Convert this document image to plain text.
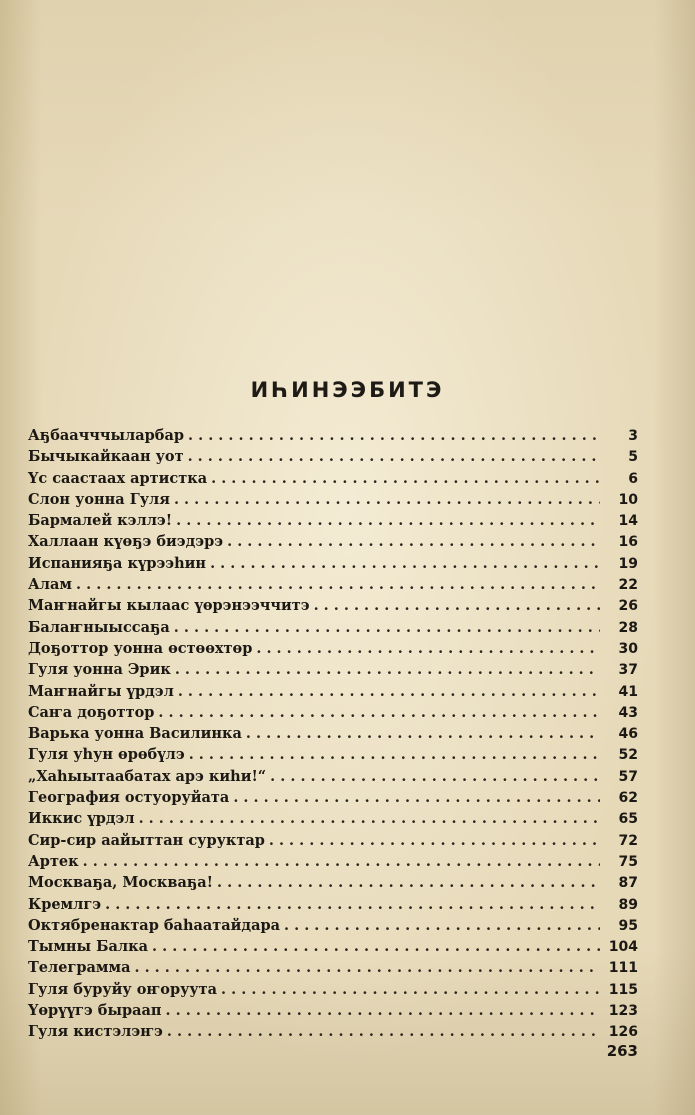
ИҺИНЭЭБИТЭ
Аҕбаачччыларбар . . .	3
Бычыкайкаан уот . . .	5
Үс саастаах артистка . . .	6
Слон уонна Гуля . . .	10
Бармалей кэллэ! . . .	14
Халлаан күөҕэ биэдэрэ . . .	16
Испанияҕа күрээһин . . .	19
Алам . . .	22
Маҥнайгы кылаас үөрэнээччитэ . . .	26
Балаҥныыссаҕа . . .	28
Доҕоттор уонна өстөөхтөр . . .	30
Гуля уонна Эрик . . .	37
Маҥнайгы үрдэл . . .	41
Саҥа доҕоттор . . .	43
Варька уонна Василинка . . .	46
Гуля уһун өрөбүлэ . . .	52
„Хаһыытаабатах арэ киһи!“ . . .	57
География остуоруйата . . .	62
Иккис үрдэл . . .	65
Сир-сир аайыттан суруктар . . .	72
Артек . . .	75
Москваҕа, Москваҕа! . . .	87
Кремлгэ . . .	89
Октябренактар баһаатайдара . . .	95
Тымны Балка . . .	104
Телеграмма . . .	111
Гуля буруйу оҥоруута . . .	115
Үөрүүгэ быраап . . .	123
Гуля кистэлэҥэ . . .	126
263
